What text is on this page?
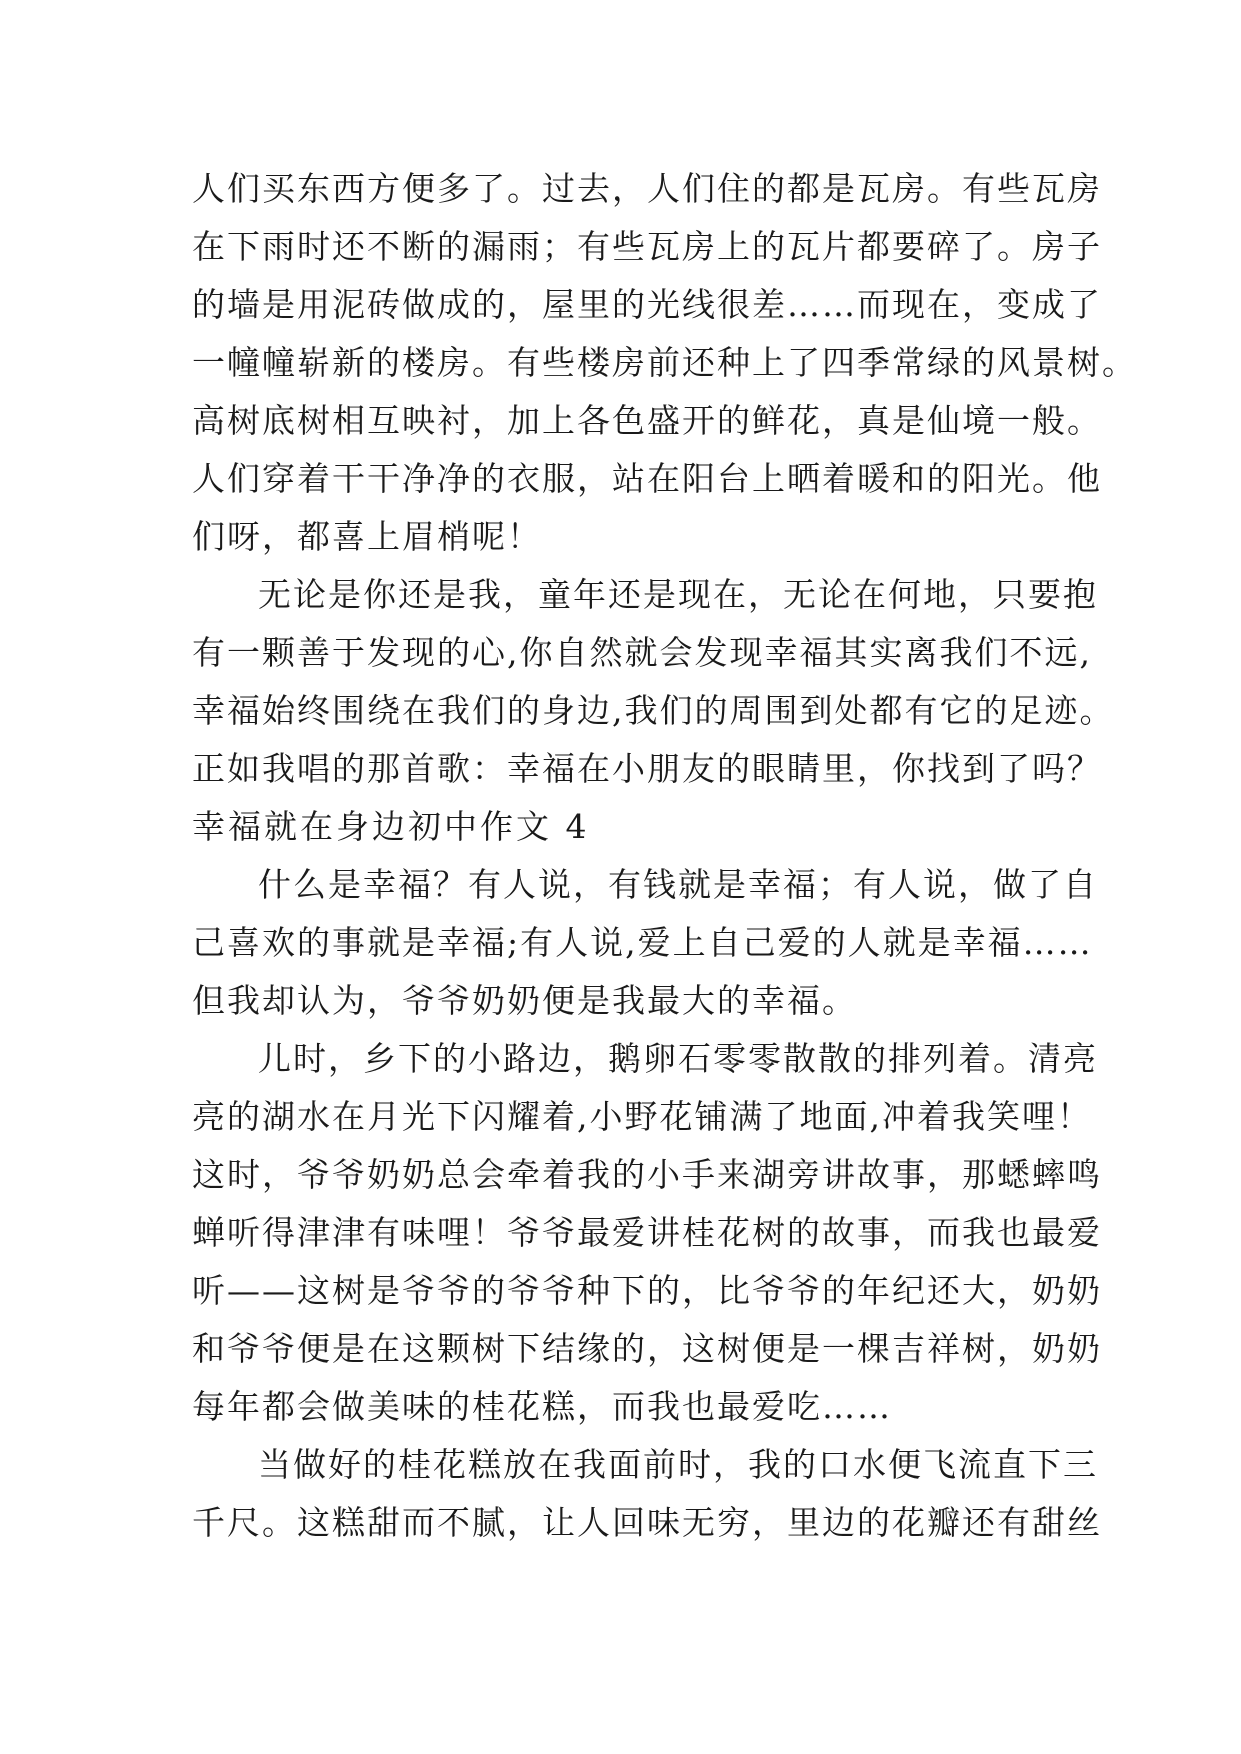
人们买东西方便多了。过去，人们住的都是瓦房。有些瓦房
在下雨时还不断的漏雨；有些瓦房上的瓦片都要碎了。房子
的墙是用泥砖做成的，屋里的光线很差……而现在，变成了
一幢幢崭新的楼房。有些楼房前还种上了四季常绿的风景树。
高树底树相互映衬，加上各色盛开的鲜花，真是仙境一般。
人们穿着干干净净的衣服，站在阳台上晒着暖和的阳光。他
们呀，都喜上眉梢呢！
无论是你还是我，童年还是现在，无论在何地，只要抱
有一颗善于发现的心,你自然就会发现幸福其实离我们不远,
幸福始终围绕在我们的身边,我们的周围到处都有它的足迹。
正如我唱的那首歌：幸福在小朋友的眼睛里，你找到了吗？
幸福就在身边初中作文 4
什么是幸福？有人说，有钱就是幸福；有人说，做了自
己喜欢的事就是幸福;有人说,爱上自己爱的人就是幸福……
但我却认为，爷爷奶奶便是我最大的幸福。
儿时，乡下的小路边，鹅卵石零零散散的排列着。清亮
亮的湖水在月光下闪耀着,小野花铺满了地面,冲着我笑哩！
这时，爷爷奶奶总会牵着我的小手来湖旁讲故事，那蟋蟀鸣
蝉听得津津有味哩！爷爷最爱讲桂花树的故事，而我也最爱
听——这树是爷爷的爷爷种下的，比爷爷的年纪还大，奶奶
和爷爷便是在这颗树下结缘的，这树便是一棵吉祥树，奶奶
每年都会做美味的桂花糕，而我也最爱吃……
当做好的桂花糕放在我面前时，我的口水便飞流直下三
千尺。这糕甜而不腻，让人回味无穷，里边的花瓣还有甜丝
